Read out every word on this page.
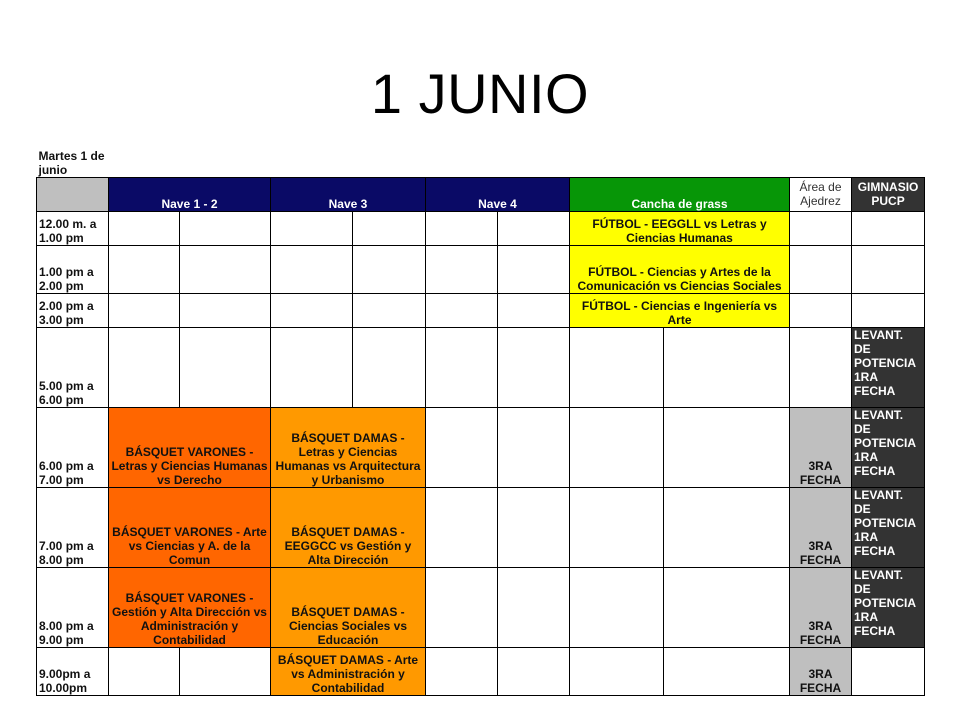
1 JUNIO
Martes 1 de junio										
	Nave 1 - 2		Nave 3		Nave 4		Cancha de grass		Área de Ajedrez	GIMNASIO PUCP
12.00 m. a 1.00 pm							FÚTBOL - EEGGLL vs Letras y Ciencias Humanas			
1.00 pm a 2.00 pm							FÚTBOL - Ciencias y Artes de la Comunicación vs Ciencias Sociales			
2.00 pm a 3.00 pm							FÚTBOL - Ciencias e Ingeniería vs Arte			
5.00 pm a 6.00 pm										LEVANT. DE POTENCIA 1RA FECHA
6.00 pm a 7.00 pm	BÁSQUET VARONES - Letras y Ciencias Humanas vs Derecho		BÁSQUET DAMAS - Letras y Ciencias Humanas vs Arquitectura y Urbanismo						3RA FECHA	LEVANT. DE POTENCIA 1RA FECHA
7.00 pm a 8.00 pm	BÁSQUET VARONES - Arte vs Ciencias y A. de la Comun		BÁSQUET DAMAS - EEGGCC vs Gestión y Alta Dirección						3RA FECHA	LEVANT. DE POTENCIA 1RA FECHA
8.00 pm a 9.00 pm	BÁSQUET VARONES - Gestión y Alta Dirección vs Administración y Contabilidad		BÁSQUET DAMAS - Ciencias Sociales vs Educación						3RA FECHA	LEVANT. DE POTENCIA 1RA FECHA
9.00pm a 10.00pm			BÁSQUET DAMAS - Arte vs Administración y Contabilidad						3RA FECHA	
